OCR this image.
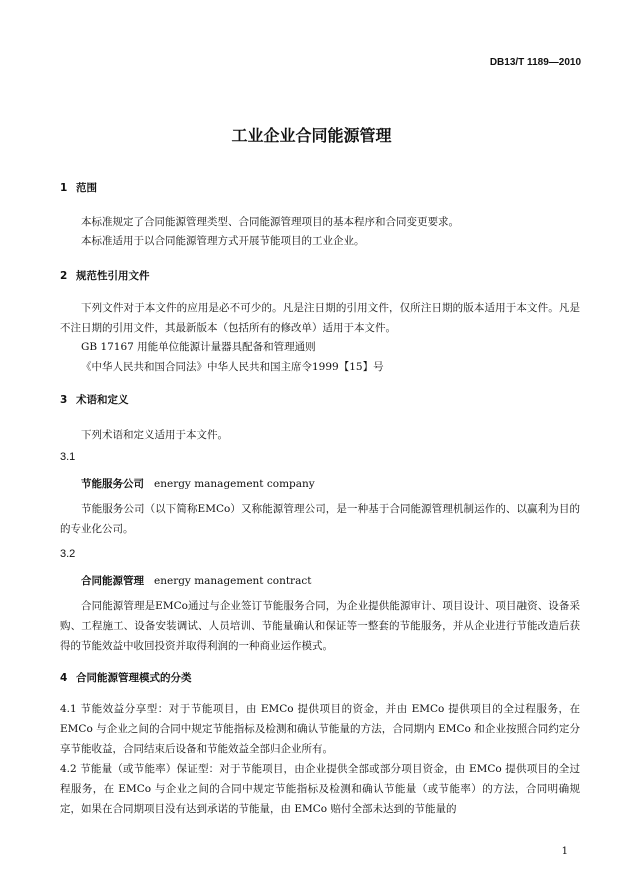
DB13/T 1189—2010
工业企业合同能源管理
1 范围
本标准规定了合同能源管理类型、合同能源管理项目的基本程序和合同变更要求。
本标准适用于以合同能源管理方式开展节能项目的工业企业。
2 规范性引用文件
下列文件对于本文件的应用是必不可少的。凡是注日期的引用文件，仅所注日期的版本适用于本文件。凡是不注日期的引用文件，其最新版本（包括所有的修改单）适用于本文件。
GB 17167 用能单位能源计量器具配备和管理通则
《中华人民共和国合同法》中华人民共和国主席令1999【15】号
3 术语和定义
下列术语和定义适用于本文件。
3.1
节能服务公司 energy management company
节能服务公司（以下简称EMCo）又称能源管理公司，是一种基于合同能源管理机制运作的、以赢利为目的的专业化公司。
3.2
合同能源管理 energy management contract
合同能源管理是EMCo通过与企业签订节能服务合同，为企业提供能源审计、项目设计、项目融资、设备采购、工程施工、设备安装调试、人员培训、节能量确认和保证等一整套的节能服务，并从企业进行节能改造后获得的节能效益中收回投资并取得利润的一种商业运作模式。
4 合同能源管理模式的分类
4.1 节能效益分享型：对于节能项目，由 EMCo 提供项目的资金，并由 EMCo 提供项目的全过程服务，在 EMCo 与企业之间的合同中规定节能指标及检测和确认节能量的方法，合同期内 EMCo 和企业按照合同约定分享节能收益，合同结束后设备和节能效益全部归企业所有。
4.2 节能量（或节能率）保证型：对于节能项目，由企业提供全部或部分项目资金，由 EMCo 提供项目的全过程服务，在 EMCo 与企业之间的合同中规定节能指标及检测和确认节能量（或节能率）的方法，合同明确规定，如果在合同期项目没有达到承诺的节能量，由 EMCo 赔付全部未达到的节能量的
1
